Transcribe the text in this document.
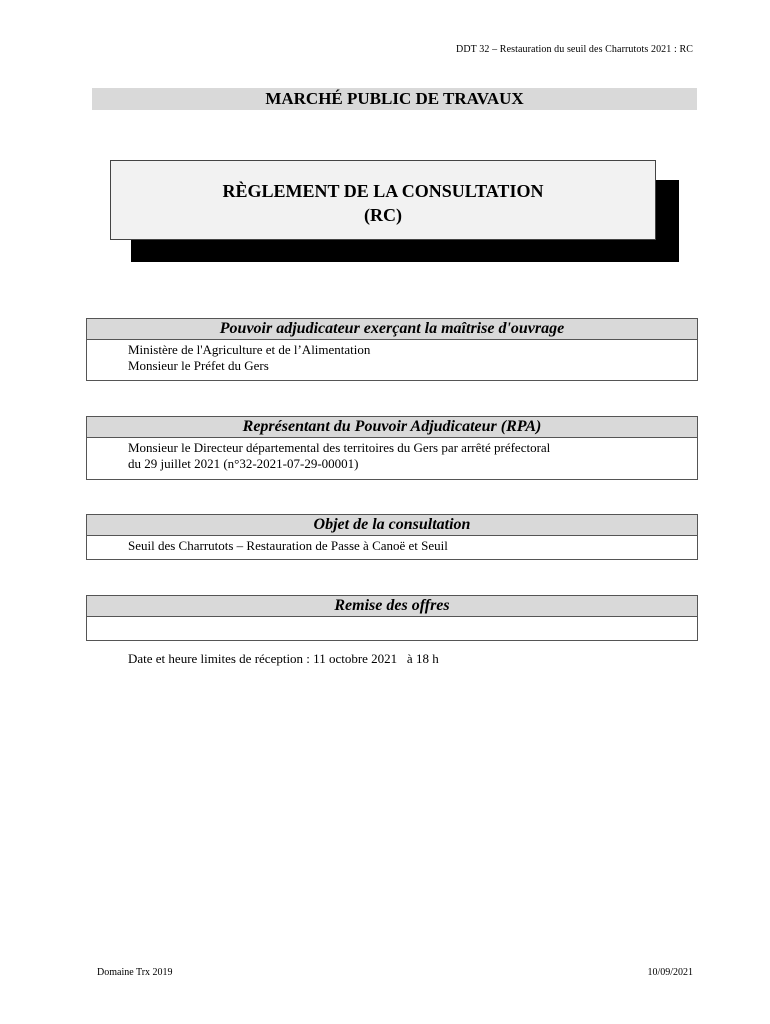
DDT 32 – Restauration du seuil des Charrutots 2021 : RC
MARCHÉ PUBLIC DE TRAVAUX
RÈGLEMENT DE LA CONSULTATION
(RC)
Pouvoir adjudicateur exerçant la maîtrise d'ouvrage
Ministère de l'Agriculture et de l’Alimentation
Monsieur le Préfet du Gers
Représentant du Pouvoir Adjudicateur (RPA)
Monsieur le Directeur départemental des territoires du Gers par arrêté préfectoral
du 29 juillet 2021 (n°32-2021-07-29-00001)
Objet de la consultation
Seuil des Charrutots – Restauration de Passe à Canoë et Seuil
Remise des offres

Date et heure limites de réception : 11 octobre 2021   à 18 h

Domaine Trx 2019	10/09/2021
